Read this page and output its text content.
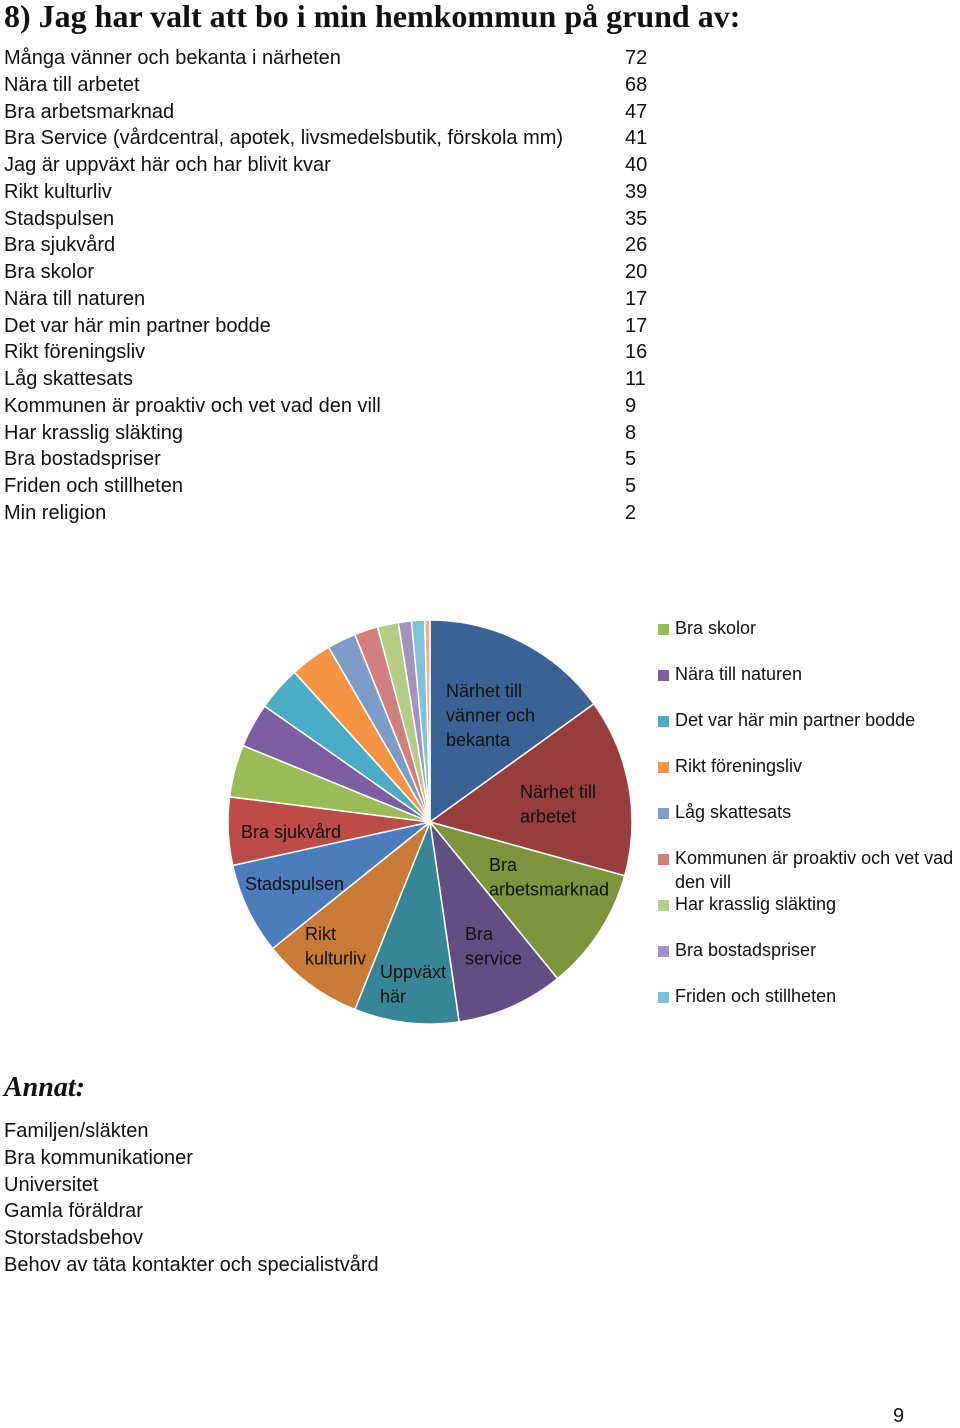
8) Jag har valt att bo i min hemkommun på grund av:
Många vänner och bekanta i närheten	72
Nära till arbetet	68
Bra arbetsmarknad	47
Bra Service (vårdcentral, apotek, livsmedelsbutik, förskola mm)	41
Jag är uppväxt här och har blivit kvar	40
Rikt kulturliv	39
Stadspulsen	35
Bra sjukvård	26
Bra skolor	20
Nära till naturen	17
Det var här min partner bodde	17
Rikt föreningsliv	16
Låg skattesats	11
Kommunen är proaktiv och vet vad den vill	9
Har krasslig släkting	8
Bra bostadspriser	5
Friden och stillheten	5
Min religion	2
Närhet till vänner och bekanta
Närhet till arbetet
Bra arbetsmarknad
Bra service
Uppväxt här
Rikt kulturliv
Stadspulsen
Bra sjukvård
Bra skolor
Nära till naturen
Det var här min partner bodde
Rikt föreningsliv
Låg skattesats
Kommunen är proaktiv och vet vad den vill
Har krasslig släkting
Bra bostadspriser
Friden och stillheten
Annat:
Familjen/släkten
Bra kommunikationer
Universitet
Gamla föräldrar
Storstadsbehov
Behov av täta kontakter och specialistvård
9
